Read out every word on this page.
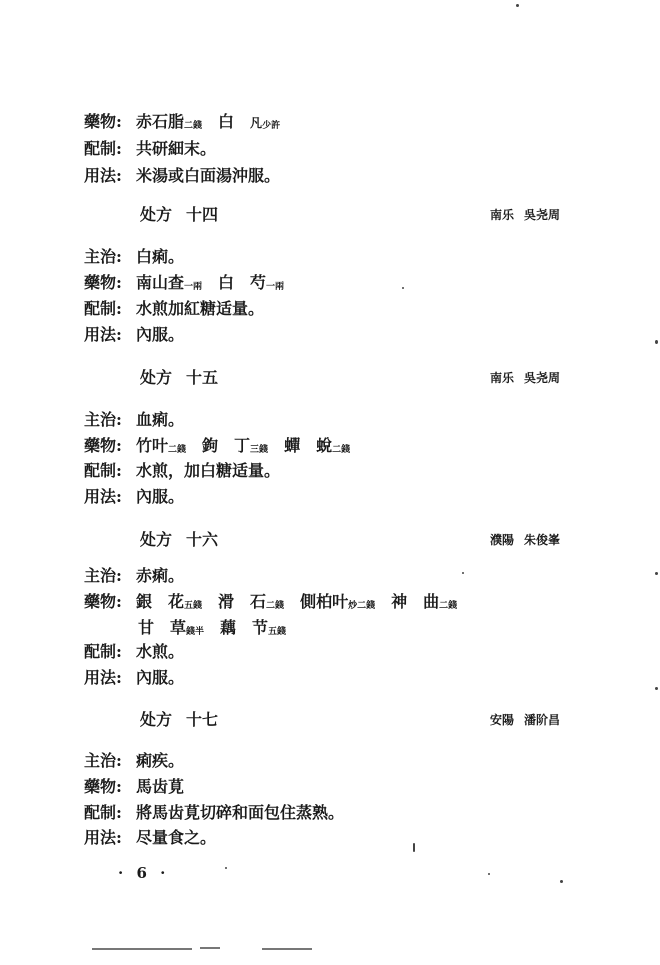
藥物: 赤石脂二錢 白 凡少許
配制: 共研細末。
用法: 米湯或白面湯沖服。
处方 十四	南乐 吳尧周
主治: 白痢。
藥物: 南山查一兩 白　芍一兩
配制: 水煎加紅糖适量。
用法: 內服。
处方 十五	南乐 吳尧周
主治: 血痢。
藥物: 竹叶二錢 鉤　丁三錢 蟬　蛻二錢
配制: 水煎，加白糖适量。
用法: 內服。
处方 十六	濮陽 朱俊峯
主治: 赤痢。
藥物: 銀　花五錢 滑　石二錢 側柏叶炒二錢 神　曲二錢
甘　草錢半 藕　节五錢
配制: 水煎。
用法: 內服。
处方 十七	安陽 潘阶昌
主治: 痢疾。
藥物: 馬齿莧
配制: 將馬齿莧切碎和面包住蒸熟。
用法: 尽量食之。
· 6 ·
